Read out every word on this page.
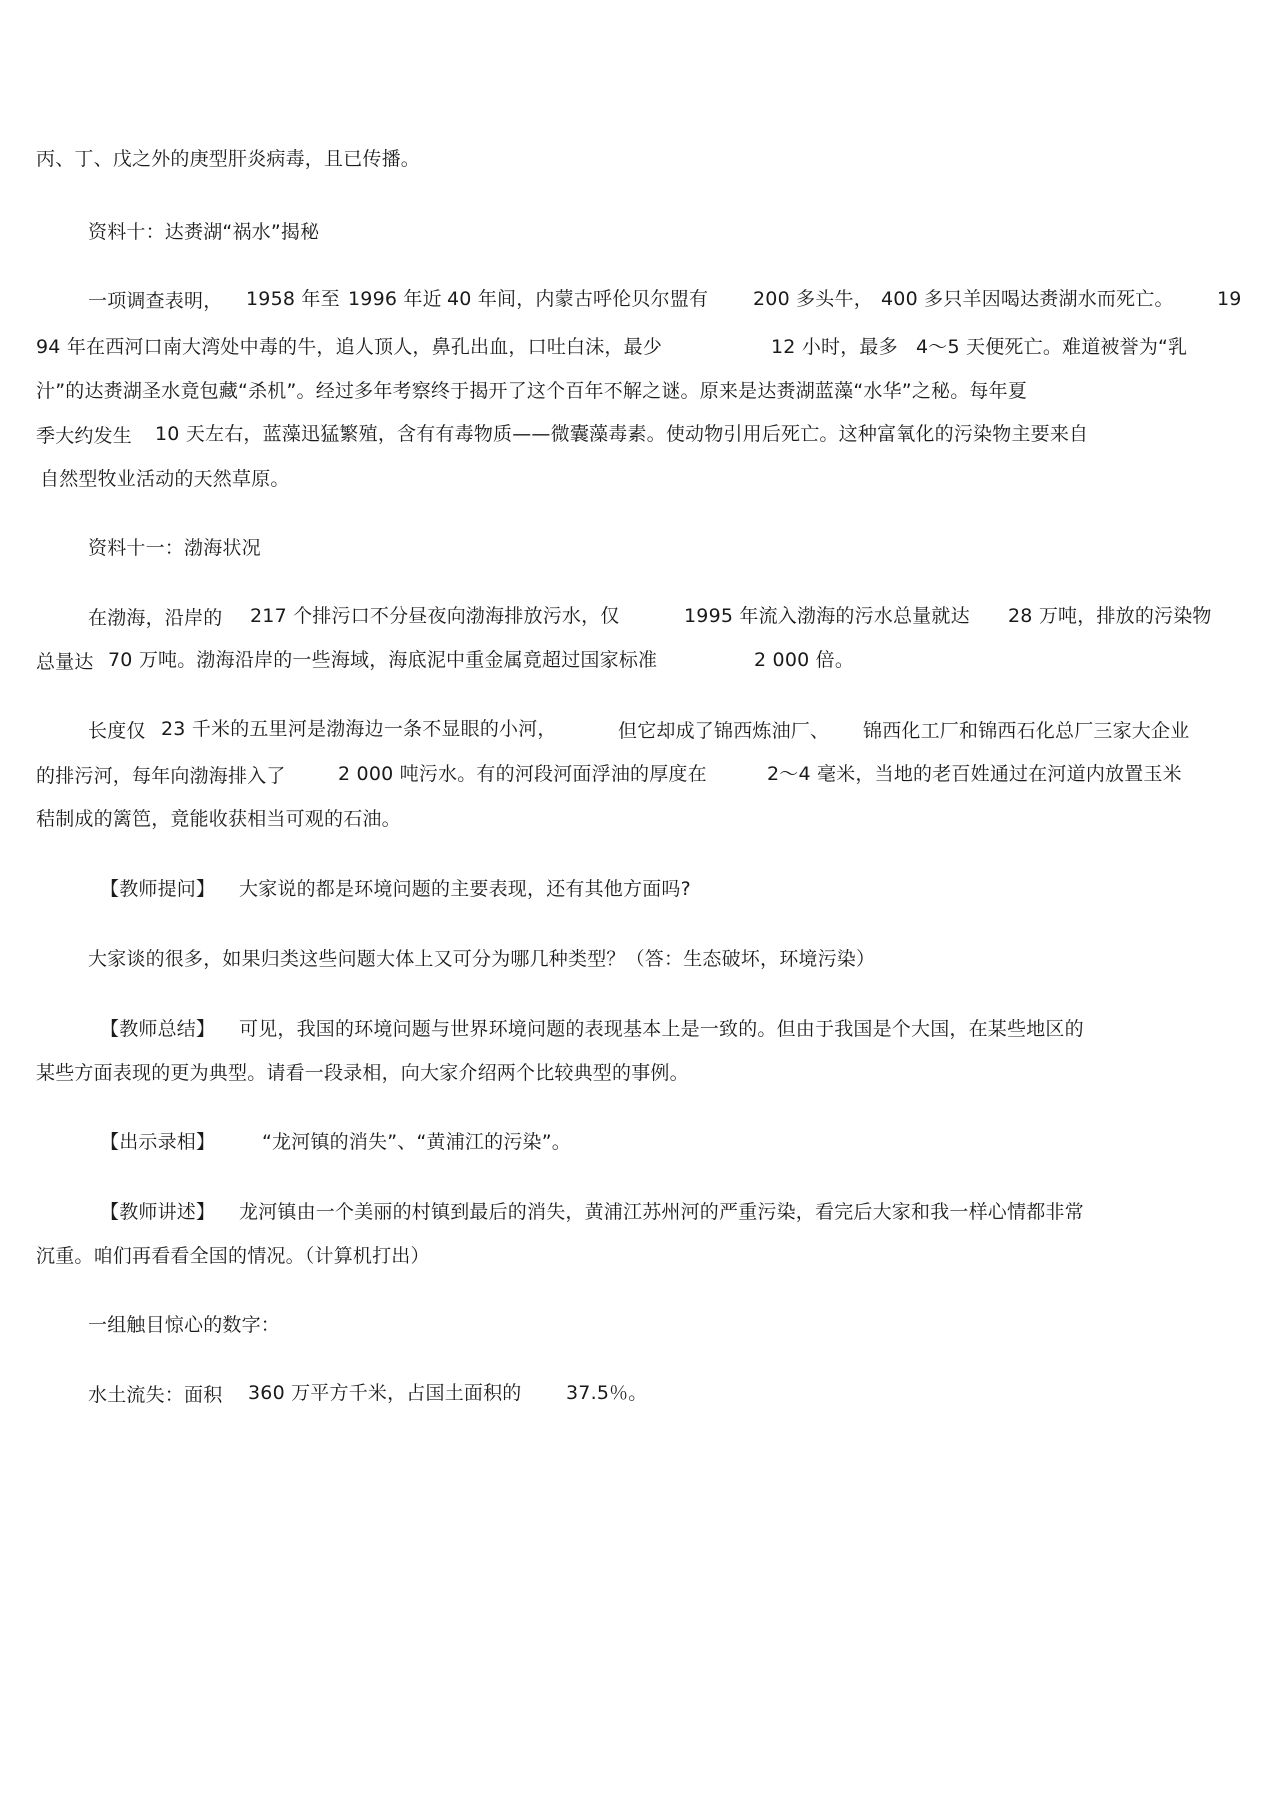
丙、丁、戊之外的庚型肝炎病毒，且已传播。
资料十：达赉湖“祸水”揭秘
一项调查表明， 1958 年至 1996 年近 40 年间，内蒙古呼伦贝尔盟有 200 多头牛， 400 多只羊因喝达赉湖水而死亡。 19
94 年在西河口南大湾处中毒的牛，追人顶人，鼻孔出血，口吐白沫，最少	12 小时，最多 4～5 天便死亡。难道被誉为“乳
汁”的达赉湖圣水竟包藏“杀机”。经过多年考察终于揭开了这个百年不解之谜。原来是达赉湖蓝藻“水华”之秘。每年夏
季大约发生 10 天左右，蓝藻迅猛繁殖，含有有毒物质——微囊藻毒素。使动物引用后死亡。这种富氧化的污染物主要来自
自然型牧业活动的天然草原。
资料十一：渤海状况
在渤海，沿岸的 217 个排污口不分昼夜向渤海排放污水，仅	1995 年流入渤海的污水总量就达 28 万吨，排放的污染物
总量达 70 万吨。渤海沿岸的一些海域，海底泥中重金属竟超过国家标准	2 000 倍。
长度仅 23 千米的五里河是渤海边一条不显眼的小河，	但它却成了锦西炼油厂、 锦西化工厂和锦西石化总厂三家大企业
的排污河，每年向渤海排入了	2 000 吨污水。有的河段河面浮油的厚度在	2～4 毫米，当地的老百姓通过在河道内放置玉米
秸制成的篱笆，竟能收获相当可观的石油。
【教师提问】 大家说的都是环境问题的主要表现，还有其他方面吗?
大家谈的很多，如果归类这些问题大体上又可分为哪几种类型？（答：生态破坏，环境污染）
【教师总结】 可见，我国的环境问题与世界环境问题的表现基本上是一致的。但由于我国是个大国，在某些地区的
某些方面表现的更为典型。请看一段录相，向大家介绍两个比较典型的事例。
【出示录相】 “龙河镇的消失”、“黄浦江的污染”。
【教师讲述】 龙河镇由一个美丽的村镇到最后的消失，黄浦江苏州河的严重污染，看完后大家和我一样心情都非常
沉重。咱们再看看全国的情况。（计算机打出）
一组触目惊心的数字：
水土流失：面积 360 万平方千米，占国土面积的 37.5％。
